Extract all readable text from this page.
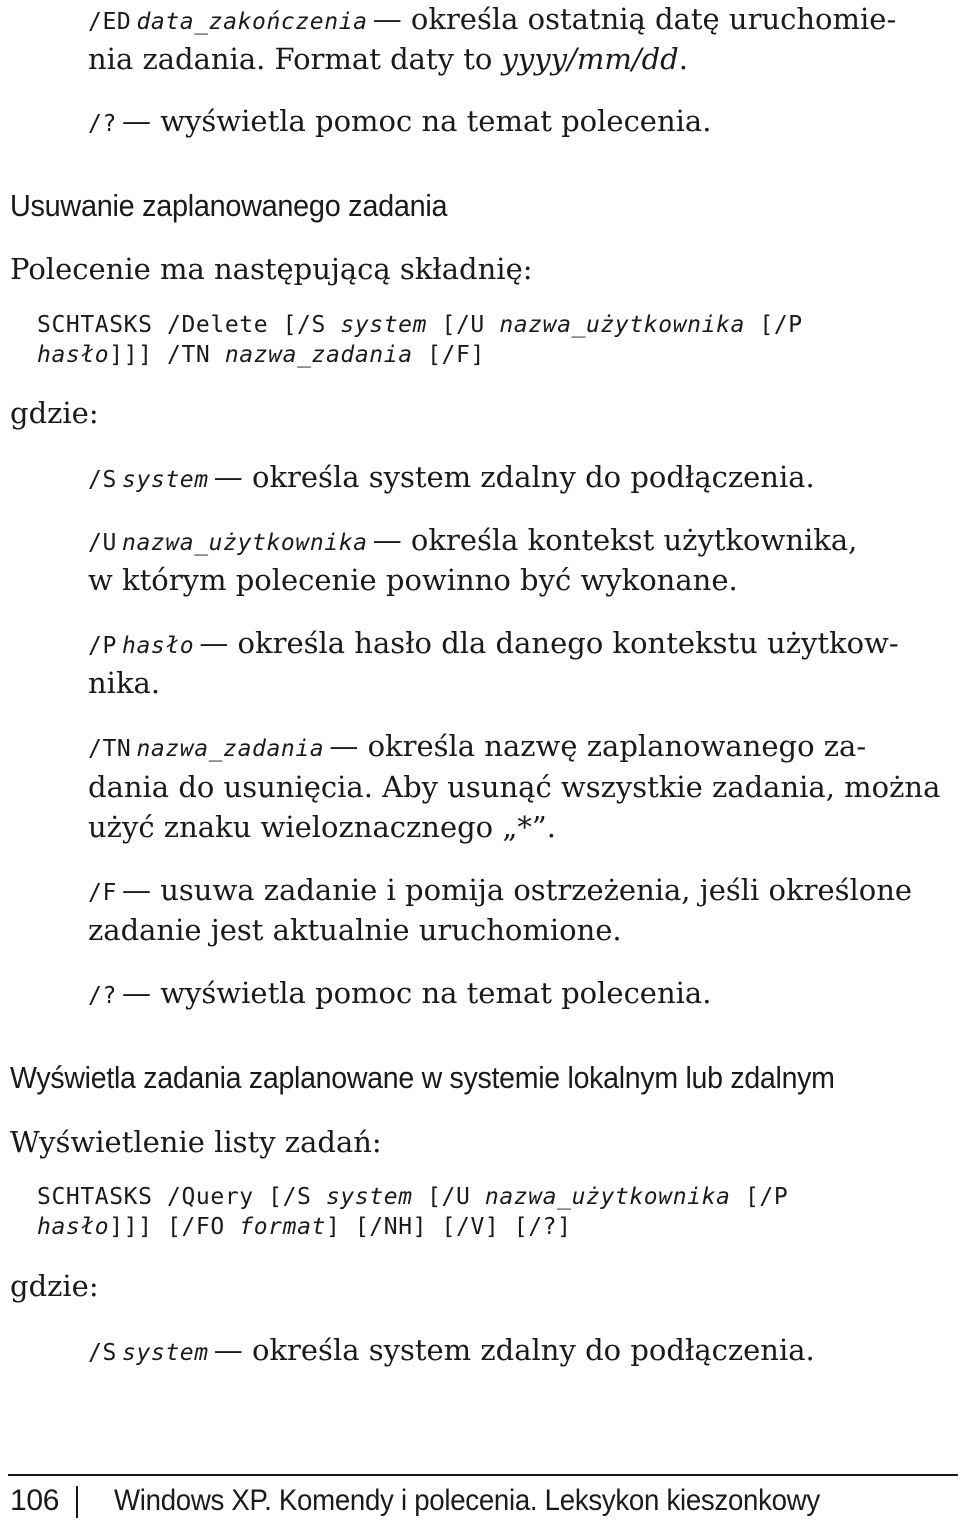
/ED data_zakończenia — określa ostatnią datę uruchomie-
nia zadania. Format daty to yyyy/mm/dd.
/? — wyświetla pomoc na temat polecenia.
Usuwanie zaplanowanego zadania
Polecenie ma następującą składnię:
SCHTASKS /Delete [/S system [/U nazwa_użytkownika [/P
hasło]]] /TN nazwa_zadania [/F]
gdzie:
/S system — określa system zdalny do podłączenia.
/U nazwa_użytkownika — określa kontekst użytkownika,
w którym polecenie powinno być wykonane.
/P hasło — określa hasło dla danego kontekstu użytkow-
nika.
/TN nazwa_zadania — określa nazwę zaplanowanego za-
dania do usunięcia. Aby usunąć wszystkie zadania, można
użyć znaku wieloznacznego „*”.
/F — usuwa zadanie i pomija ostrzeżenia, jeśli określone
zadanie jest aktualnie uruchomione.
/? — wyświetla pomoc na temat polecenia.
Wyświetla zadania zaplanowane w systemie lokalnym lub zdalnym
Wyświetlenie listy zadań:
SCHTASKS /Query [/S system [/U nazwa_użytkownika [/P
hasło]]] [/FO format] [/NH] [/V] [/?]
gdzie:
/S system — określa system zdalny do podłączenia.
106 Windows XP. Komendy i polecenia. Leksykon kieszonkowy
